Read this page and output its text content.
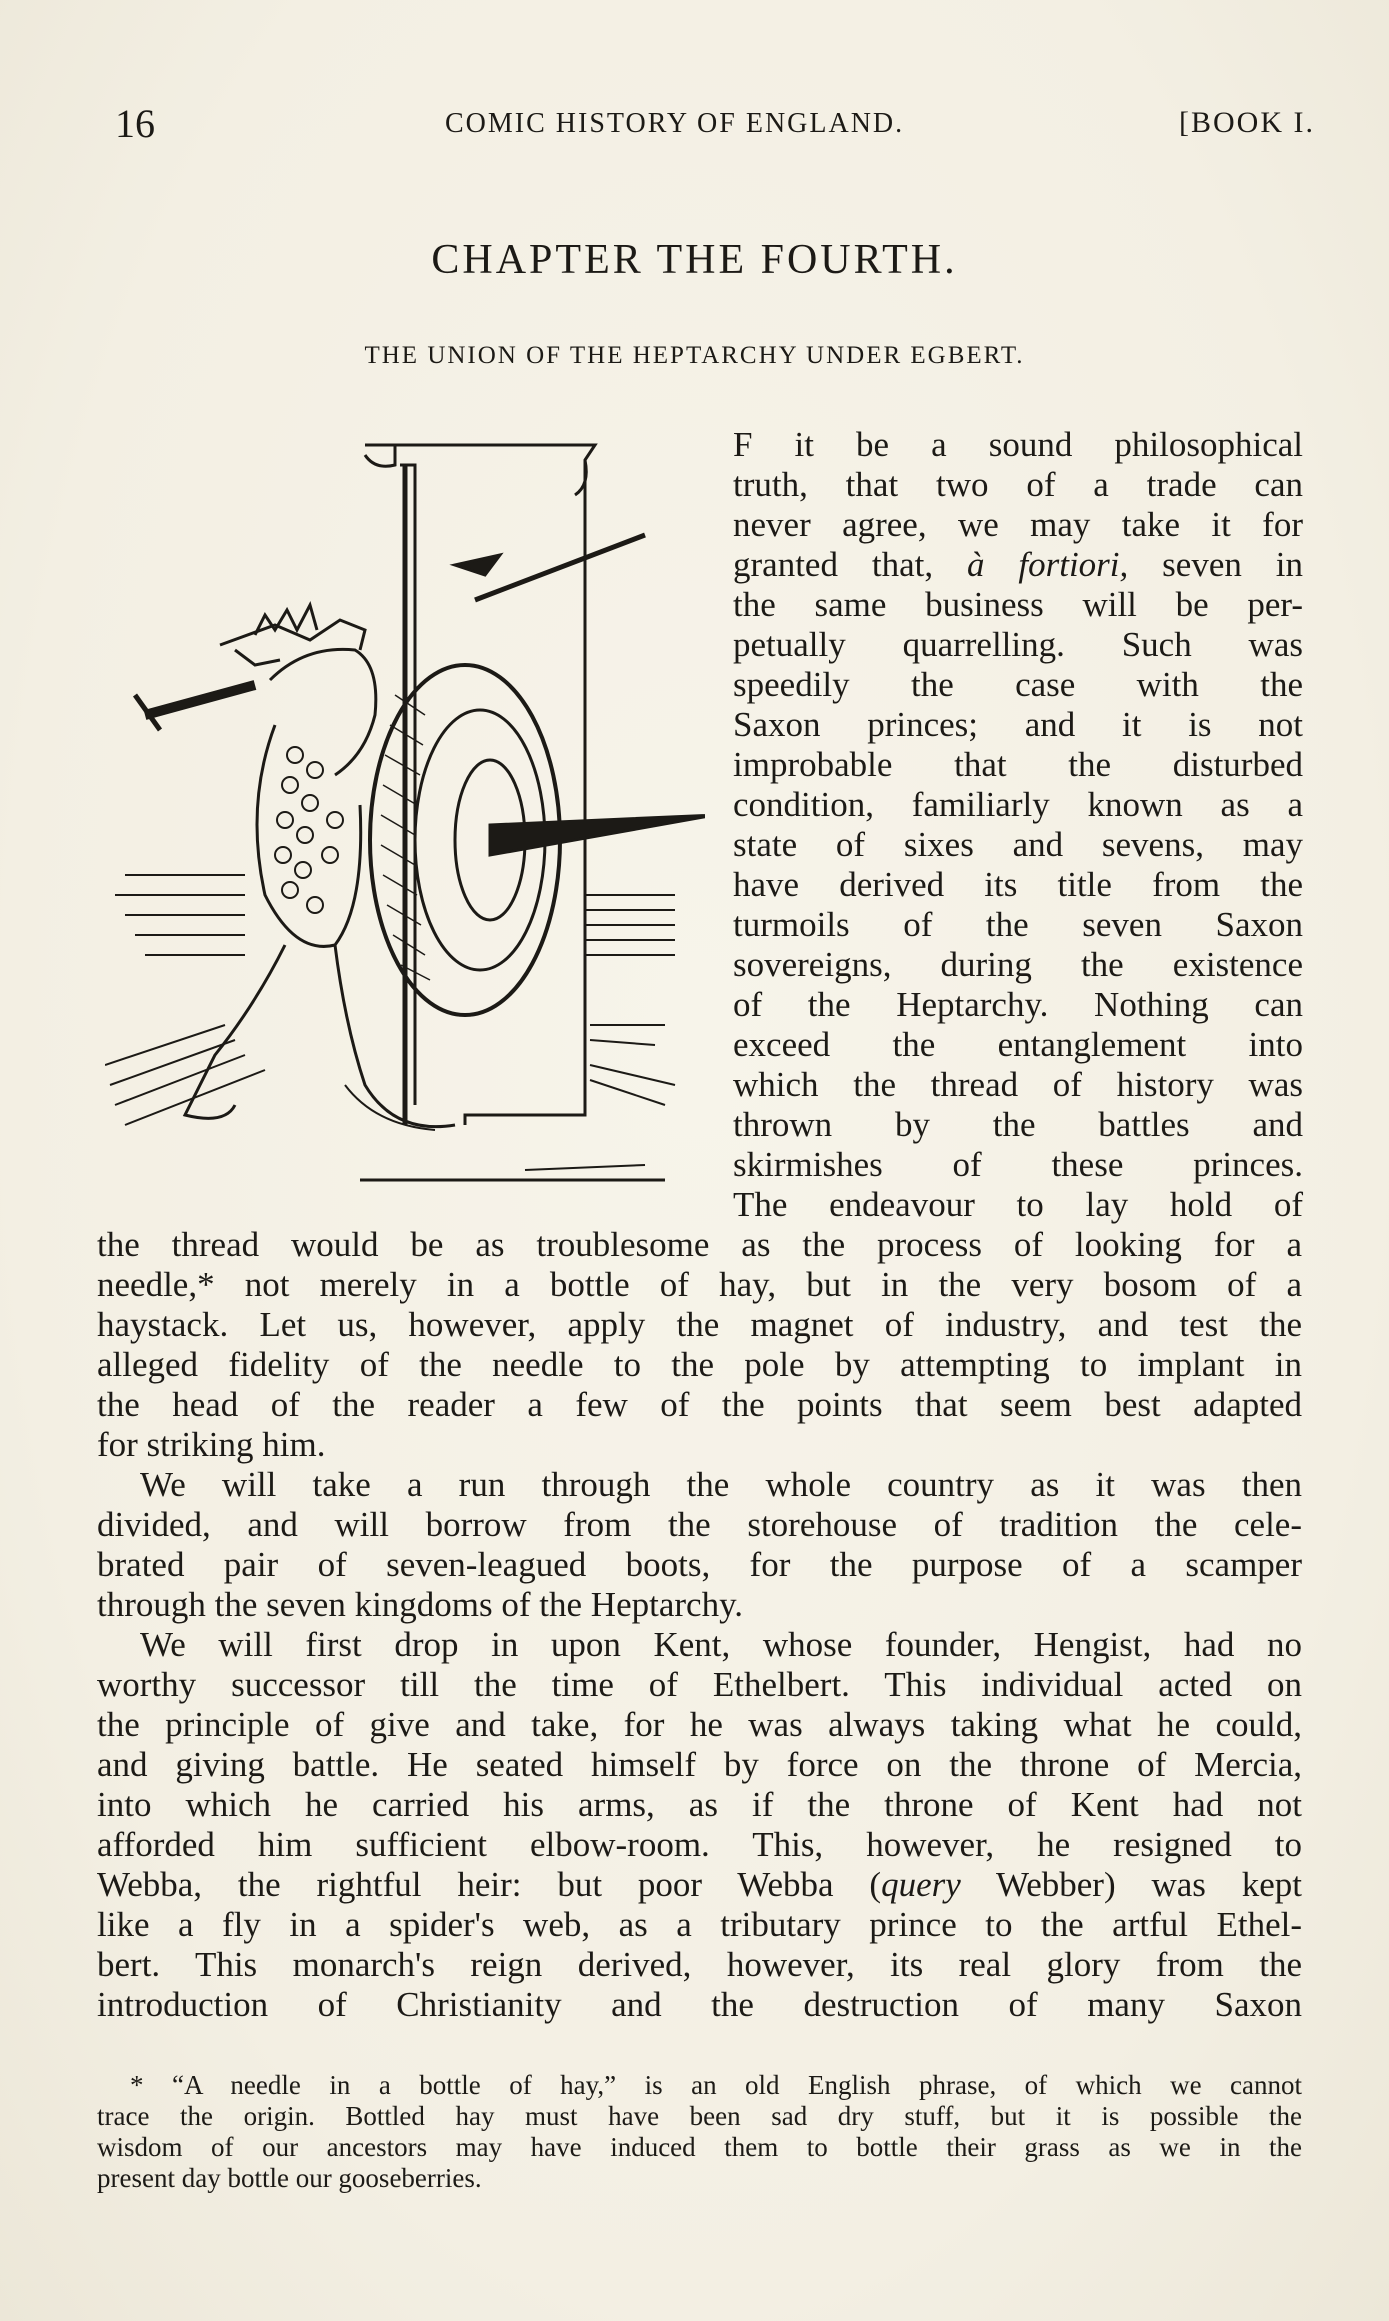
16	COMIC HISTORY OF ENGLAND.	[BOOK I.
CHAPTER THE FOURTH.
THE UNION OF THE HEPTARCHY UNDER EGBERT.
F it be a sound philosophical
truth, that two of a trade can
never agree, we may take it for
granted that, à fortiori, seven in
the same business will be per-
petually quarrelling. Such was
speedily the case with the
Saxon princes; and it is not
improbable that the disturbed
condition, familiarly known as a
state of sixes and sevens, may
have derived its title from the
turmoils of the seven Saxon
sovereigns, during the existence
of the Heptarchy. Nothing can
exceed the entanglement into
which the thread of history was
thrown by the battles and
skirmishes of these princes.
The endeavour to lay hold of
the thread would be as troublesome as the process of looking for a
needle,* not merely in a bottle of hay, but in the very bosom of a
haystack. Let us, however, apply the magnet of industry, and test the
alleged fidelity of the needle to the pole by attempting to implant in
the head of the reader a few of the points that seem best adapted
for striking him.
We will take a run through the whole country as it was then
divided, and will borrow from the storehouse of tradition the cele-
brated pair of seven-leagued boots, for the purpose of a scamper
through the seven kingdoms of the Heptarchy.
We will first drop in upon Kent, whose founder, Hengist, had no
worthy successor till the time of Ethelbert. This individual acted on
the principle of give and take, for he was always taking what he could,
and giving battle. He seated himself by force on the throne of Mercia,
into which he carried his arms, as if the throne of Kent had not
afforded him sufficient elbow-room. This, however, he resigned to
Webba, the rightful heir: but poor Webba (query Webber) was kept
like a fly in a spider's web, as a tributary prince to the artful Ethel-
bert. This monarch's reign derived, however, its real glory from the
introduction of Christianity and the destruction of many Saxon
* “A needle in a bottle of hay,” is an old English phrase, of which we cannot
trace the origin. Bottled hay must have been sad dry stuff, but it is possible the
wisdom of our ancestors may have induced them to bottle their grass as we in the
present day bottle our gooseberries.
